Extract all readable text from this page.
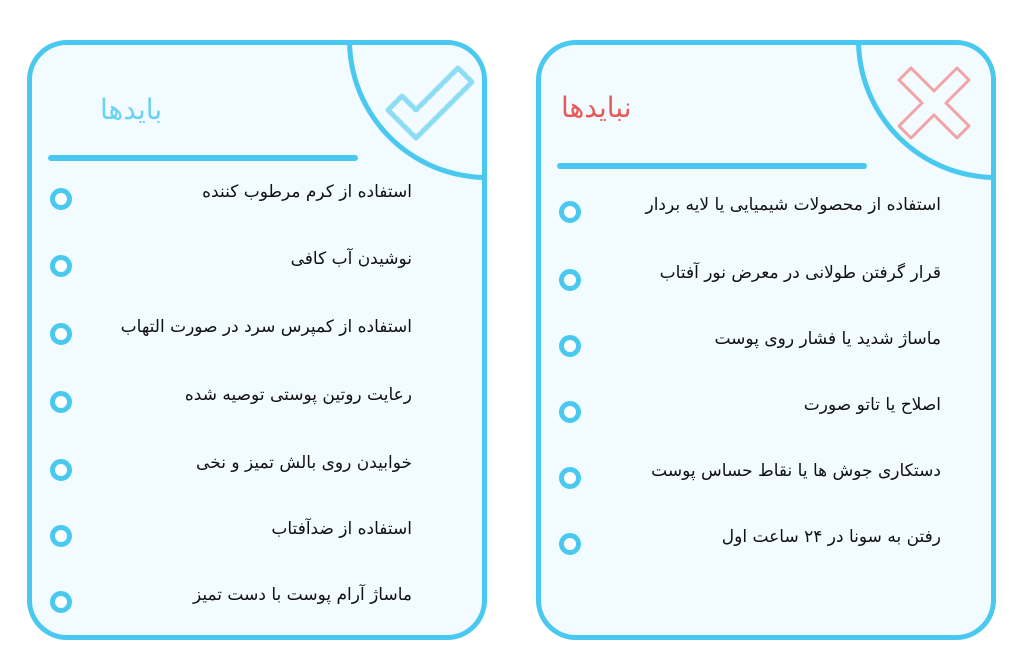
بایدها
استفاده از کرم مرطوب کننده
نوشیدن آب کافی
استفاده از کمپرس سرد در صورت التهاب
رعایت روتین پوستی توصیه شده
خوابیدن روی بالش تمیز و نخی
استفاده از ضدآفتاب
ماساژ آرام پوست با دست تمیز
نبایدها
استفاده از محصولات شیمیایی یا لایه بردار
قرار گرفتن طولانی در معرض نور آفتاب
ماساژ شدید یا فشار روی پوست
اصلاح یا تاتو صورت
دستکاری جوش ها یا نقاط حساس پوست
رفتن به سونا در ۲۴ ساعت اول
